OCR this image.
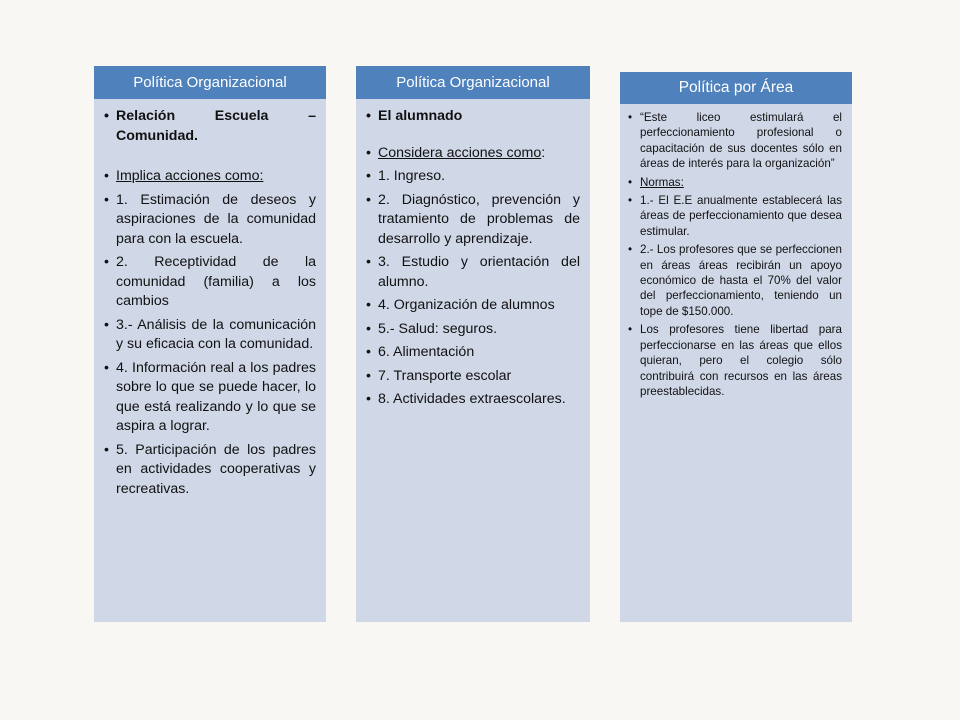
Política Organizacional
• Relación Escuela – Comunidad.
• Implica acciones como:
• 1. Estimación de deseos y aspiraciones de la comunidad para con la escuela.
• 2. Receptividad de la comunidad (familia) a los cambios
• 3.- Análisis de la comunicación y su eficacia con la comunidad.
• 4. Información real a los padres sobre lo que se puede hacer, lo que está realizando y lo que se aspira a lograr.
• 5. Participación de los padres en actividades cooperativas y recreativas.
Política Organizacional
• El alumnado
• Considera acciones como:
• 1. Ingreso.
• 2. Diagnóstico, prevención y tratamiento de problemas de desarrollo y aprendizaje.
• 3. Estudio y orientación del alumno.
• 4. Organización de alumnos
• 5.- Salud: seguros.
• 6. Alimentación
• 7. Transporte escolar
• 8. Actividades extraescolares.
Política por Área
• “Este liceo estimulará el perfeccionamiento profesional o capacitación de sus docentes sólo en áreas de interés para la organización”
• Normas:
• 1.- El E.E anualmente establecerá las áreas de perfeccionamiento que desea estimular.
• 2.- Los profesores que se perfeccionen en áreas áreas recibirán un apoyo económico de hasta el 70% del valor del perfeccionamiento, teniendo un tope de $150.000.
• Los profesores tiene libertad para perfeccionarse en las áreas que ellos quieran, pero el colegio sólo contribuirá con recursos en las áreas preestablecidas.
